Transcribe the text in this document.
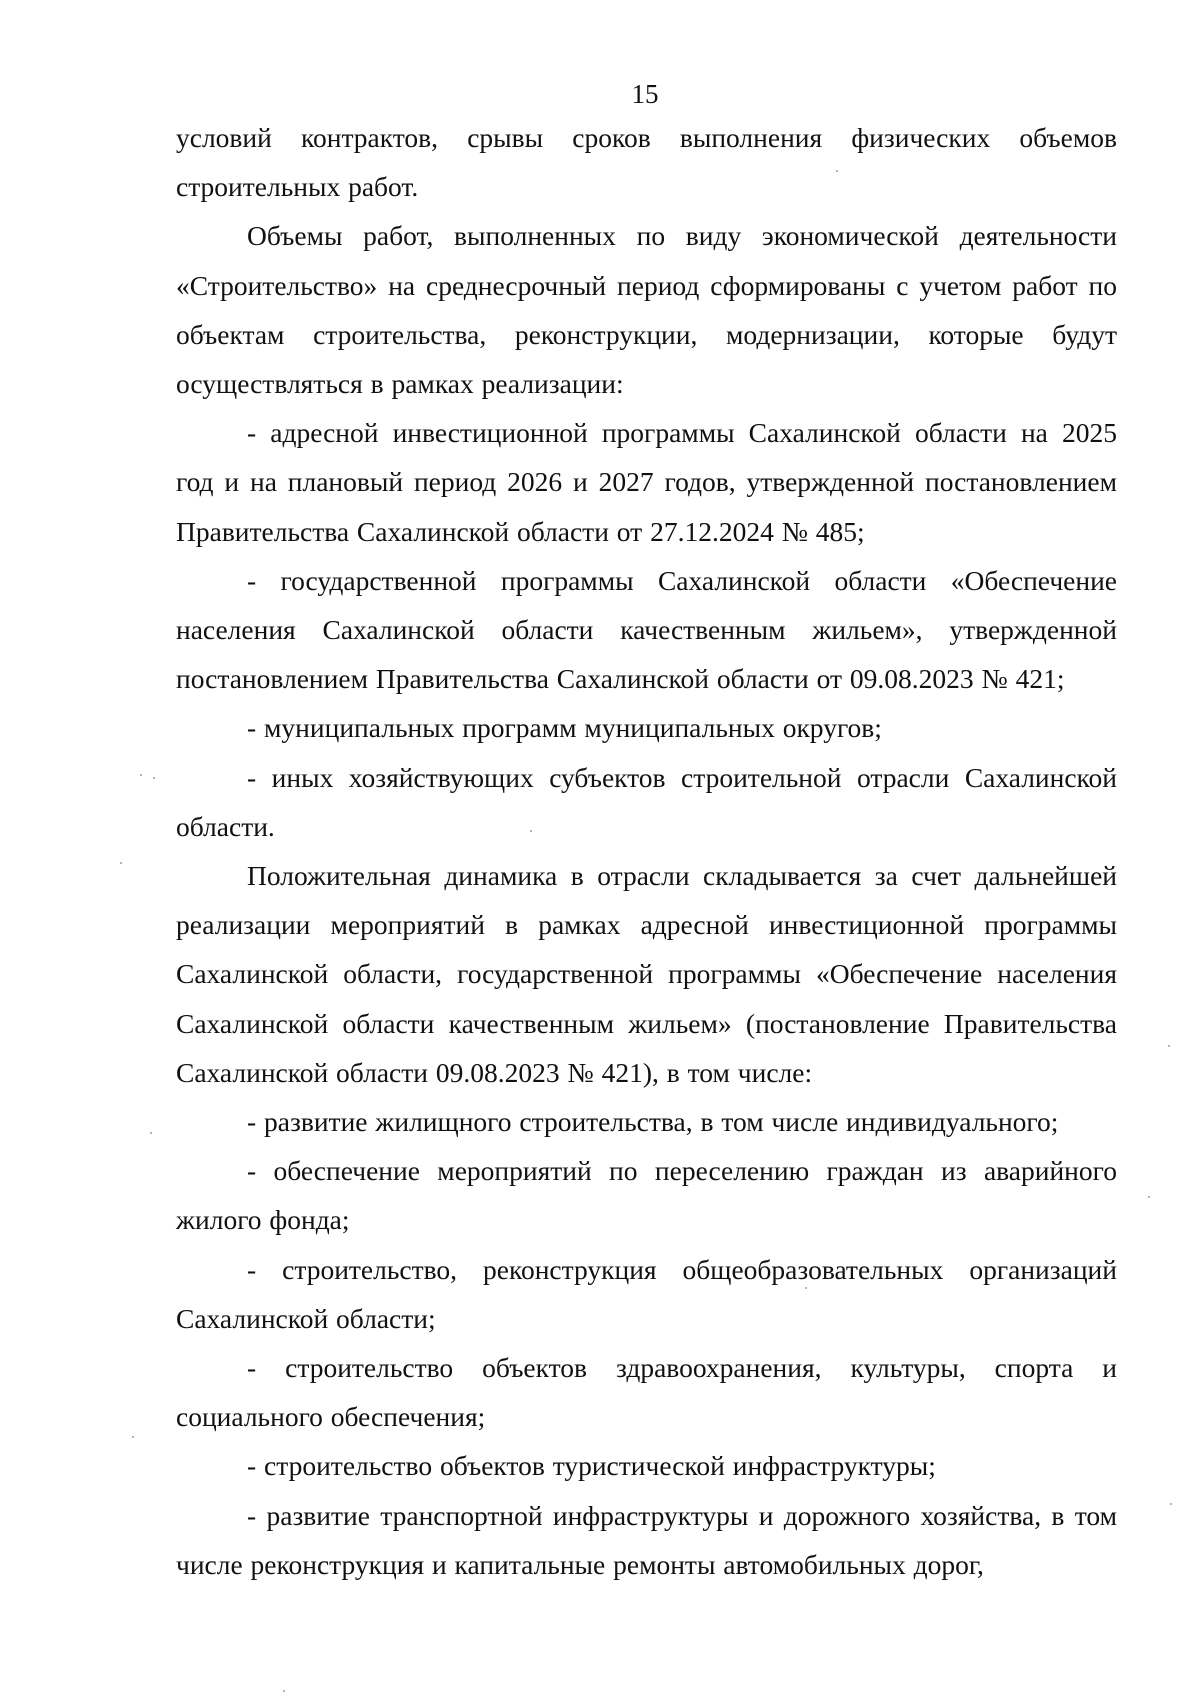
15

условий контрактов, срывы сроков выполнения физических объемов строительных работ.

Объемы работ, выполненных по виду экономической деятельности «Строительство» на среднесрочный период сформированы с учетом работ по объектам строительства, реконструкции, модернизации, которые будут осуществляться в рамках реализации:

- адресной инвестиционной программы Сахалинской области на 2025 год и на плановый период 2026 и 2027 годов, утвержденной постановлением Правительства Сахалинской области от 27.12.2024 № 485;

- государственной программы Сахалинской области «Обеспечение населения Сахалинской области качественным жильем», утвержденной постановлением Правительства Сахалинской области от 09.08.2023 № 421;

- муниципальных программ муниципальных округов;

- иных хозяйствующих субъектов строительной отрасли Сахалинской области.

Положительная динамика в отрасли складывается за счет дальнейшей реализации мероприятий в рамках адресной инвестиционной программы Сахалинской области, государственной программы «Обеспечение населения Сахалинской области качественным жильем» (постановление Правительства Сахалинской области 09.08.2023 № 421), в том числе:

- развитие жилищного строительства, в том числе индивидуального;

- обеспечение мероприятий по переселению граждан из аварийного жилого фонда;

- строительство, реконструкция общеобразовательных организаций Сахалинской области;

- строительство объектов здравоохранения, культуры, спорта и социального обеспечения;

- строительство объектов туристической инфраструктуры;

- развитие транспортной инфраструктуры и дорожного хозяйства, в том числе реконструкция и капитальные ремонты автомобильных дорог,
